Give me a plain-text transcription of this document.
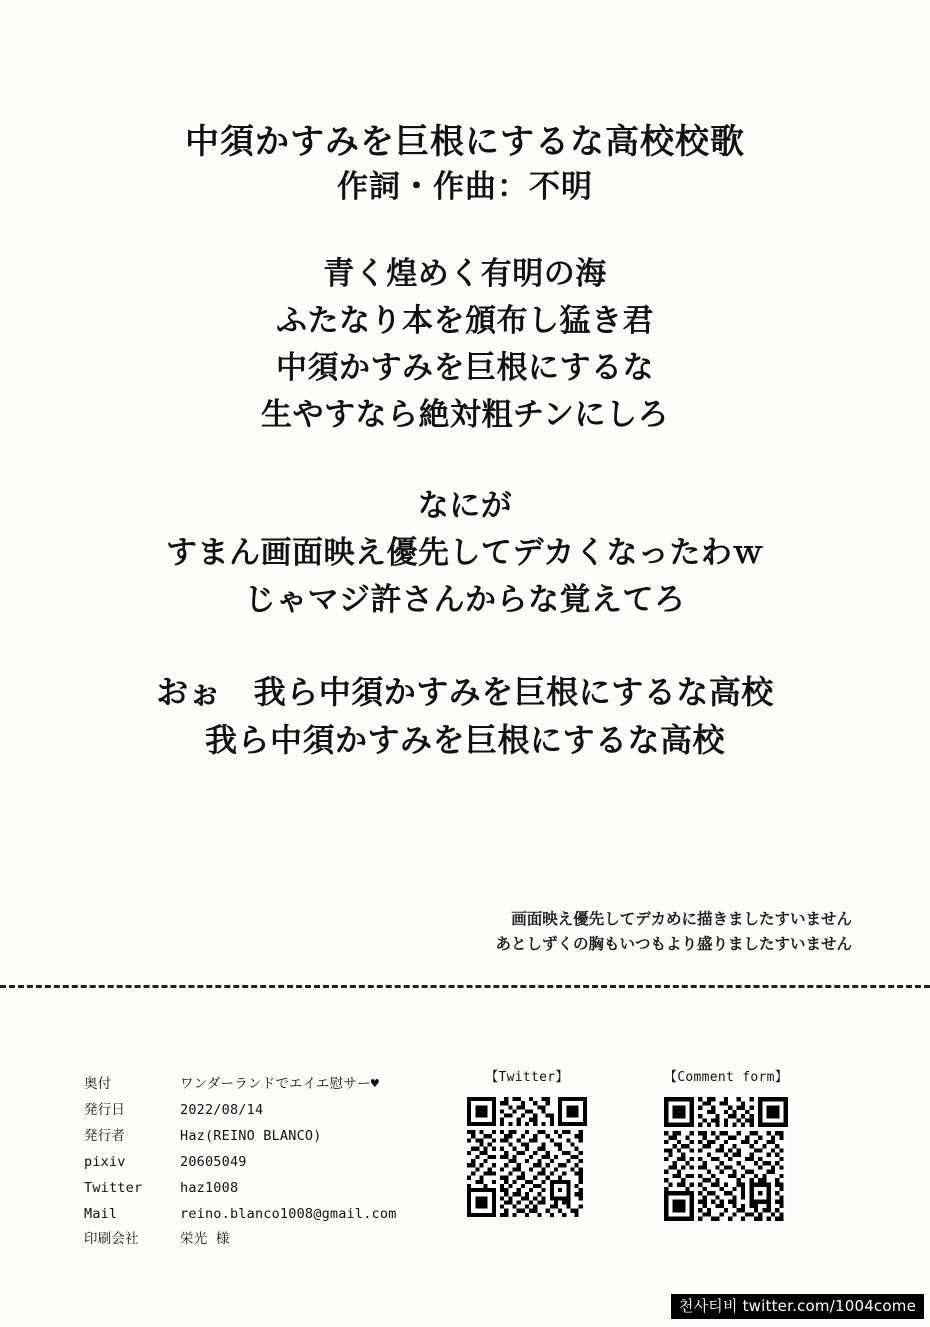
中須かすみを巨根にするな高校校歌
作詞・作曲：不明
青く煌めく有明の海
ふたなり本を頒布し猛き君
中須かすみを巨根にするな
生やすなら絶対粗チンにしろ
なにが
すまん画面映え優先してデカくなったわｗ
じゃマジ許さんからな覚えてろ
おぉ　我ら中須かすみを巨根にするな高校
我ら中須かすみを巨根にするな高校
画面映え優先してデカめに描きましたすいません
あとしずくの胸もいつもより盛りましたすいません
奥付	ワンダーランドでエイエ慰サー♥
発行日	2022/08/14
発行者	Haz(REINO BLANCO)
pixiv	20605049
Twitter	haz1008
Mail	reino.blanco1008@gmail.com
印刷会社	栄光 様
【Twitter】	【Comment form】
천사티비 twitter.com/1004come
